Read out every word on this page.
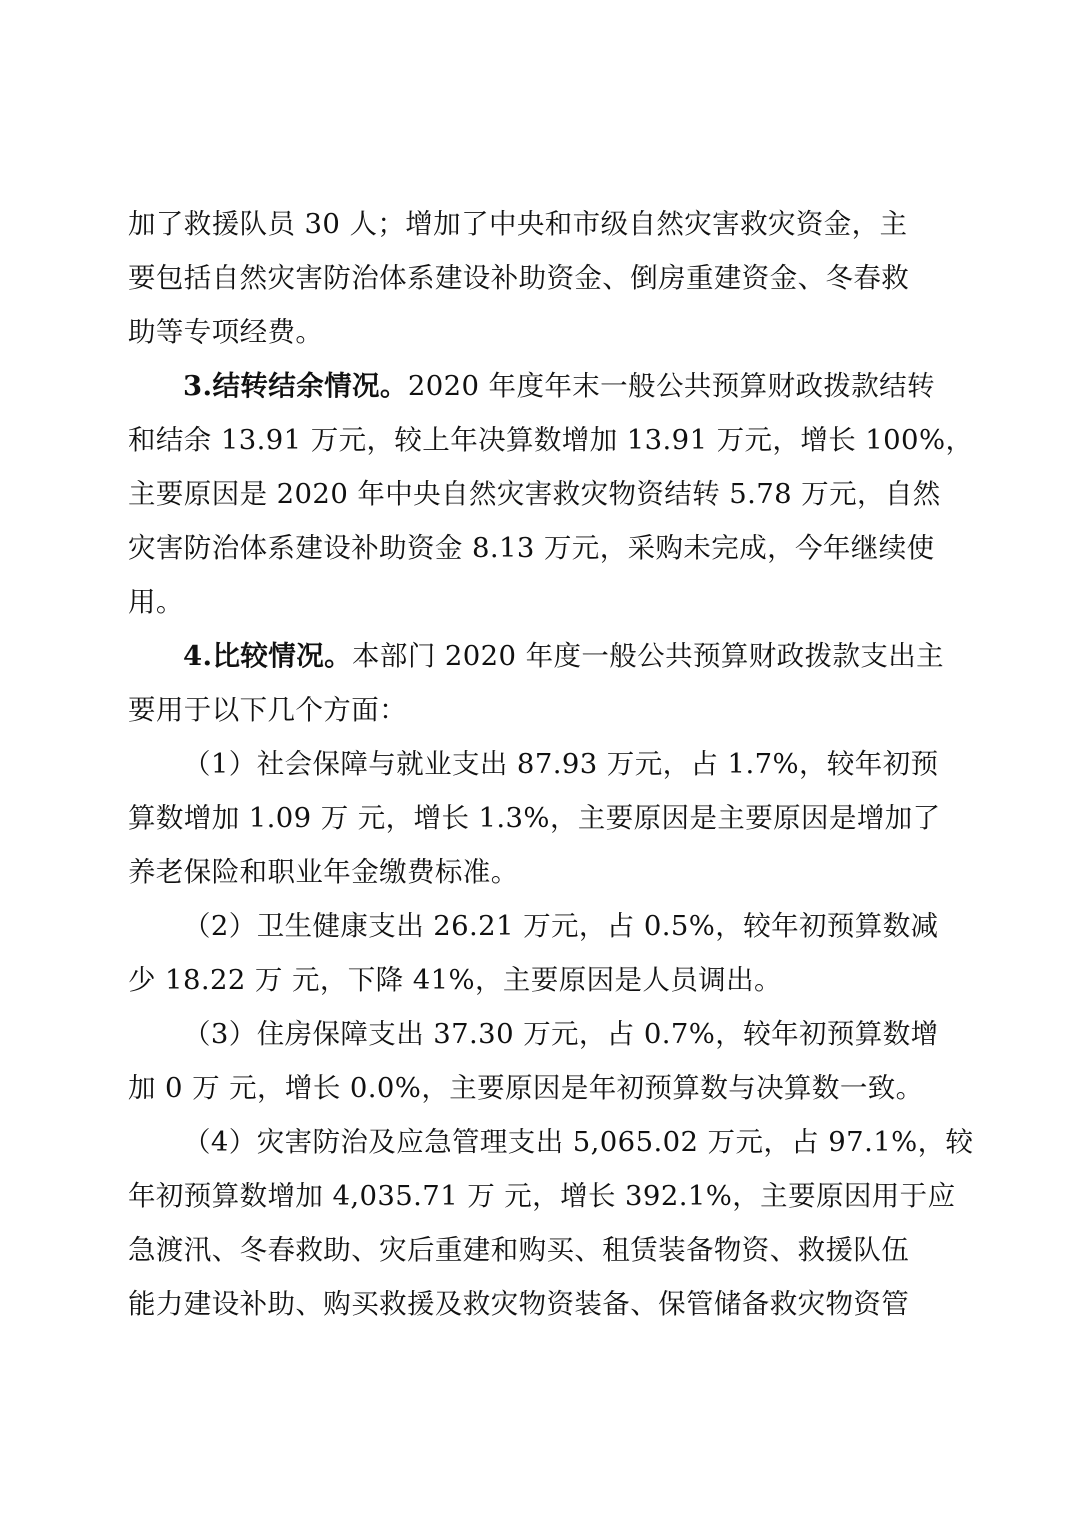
加了救援队员 30 人；增加了中央和市级自然灾害救灾资金，主
要包括自然灾害防治体系建设补助资金、倒房重建资金、冬春救
助等专项经费。
3.结转结余情况。2020 年度年末一般公共预算财政拨款结转
和结余 13.91 万元，较上年决算数增加 13.91 万元，增长 100%，
主要原因是 2020 年中央自然灾害救灾物资结转 5.78 万元，自然
灾害防治体系建设补助资金 8.13 万元，采购未完成，今年继续使
用。
4.比较情况。本部门 2020 年度一般公共预算财政拨款支出主
要用于以下几个方面：
（1）社会保障与就业支出 87.93 万元，占 1.7%，较年初预
算数增加 1.09 万 元，增长 1.3%，主要原因是主要原因是增加了
养老保险和职业年金缴费标准。
（2）卫生健康支出 26.21 万元，占 0.5%，较年初预算数减
少 18.22 万 元，下降 41%，主要原因是人员调出。
（3）住房保障支出 37.30 万元，占 0.7%，较年初预算数增
加 0 万 元，增长 0.0%，主要原因是年初预算数与决算数一致。
（4）灾害防治及应急管理支出 5,065.02 万元，占 97.1%，较
年初预算数增加 4,035.71 万 元，增长 392.1%，主要原因用于应
急渡汛、冬春救助、灾后重建和购买、租赁装备物资、救援队伍
能力建设补助、购买救援及救灾物资装备、保管储备救灾物资管
